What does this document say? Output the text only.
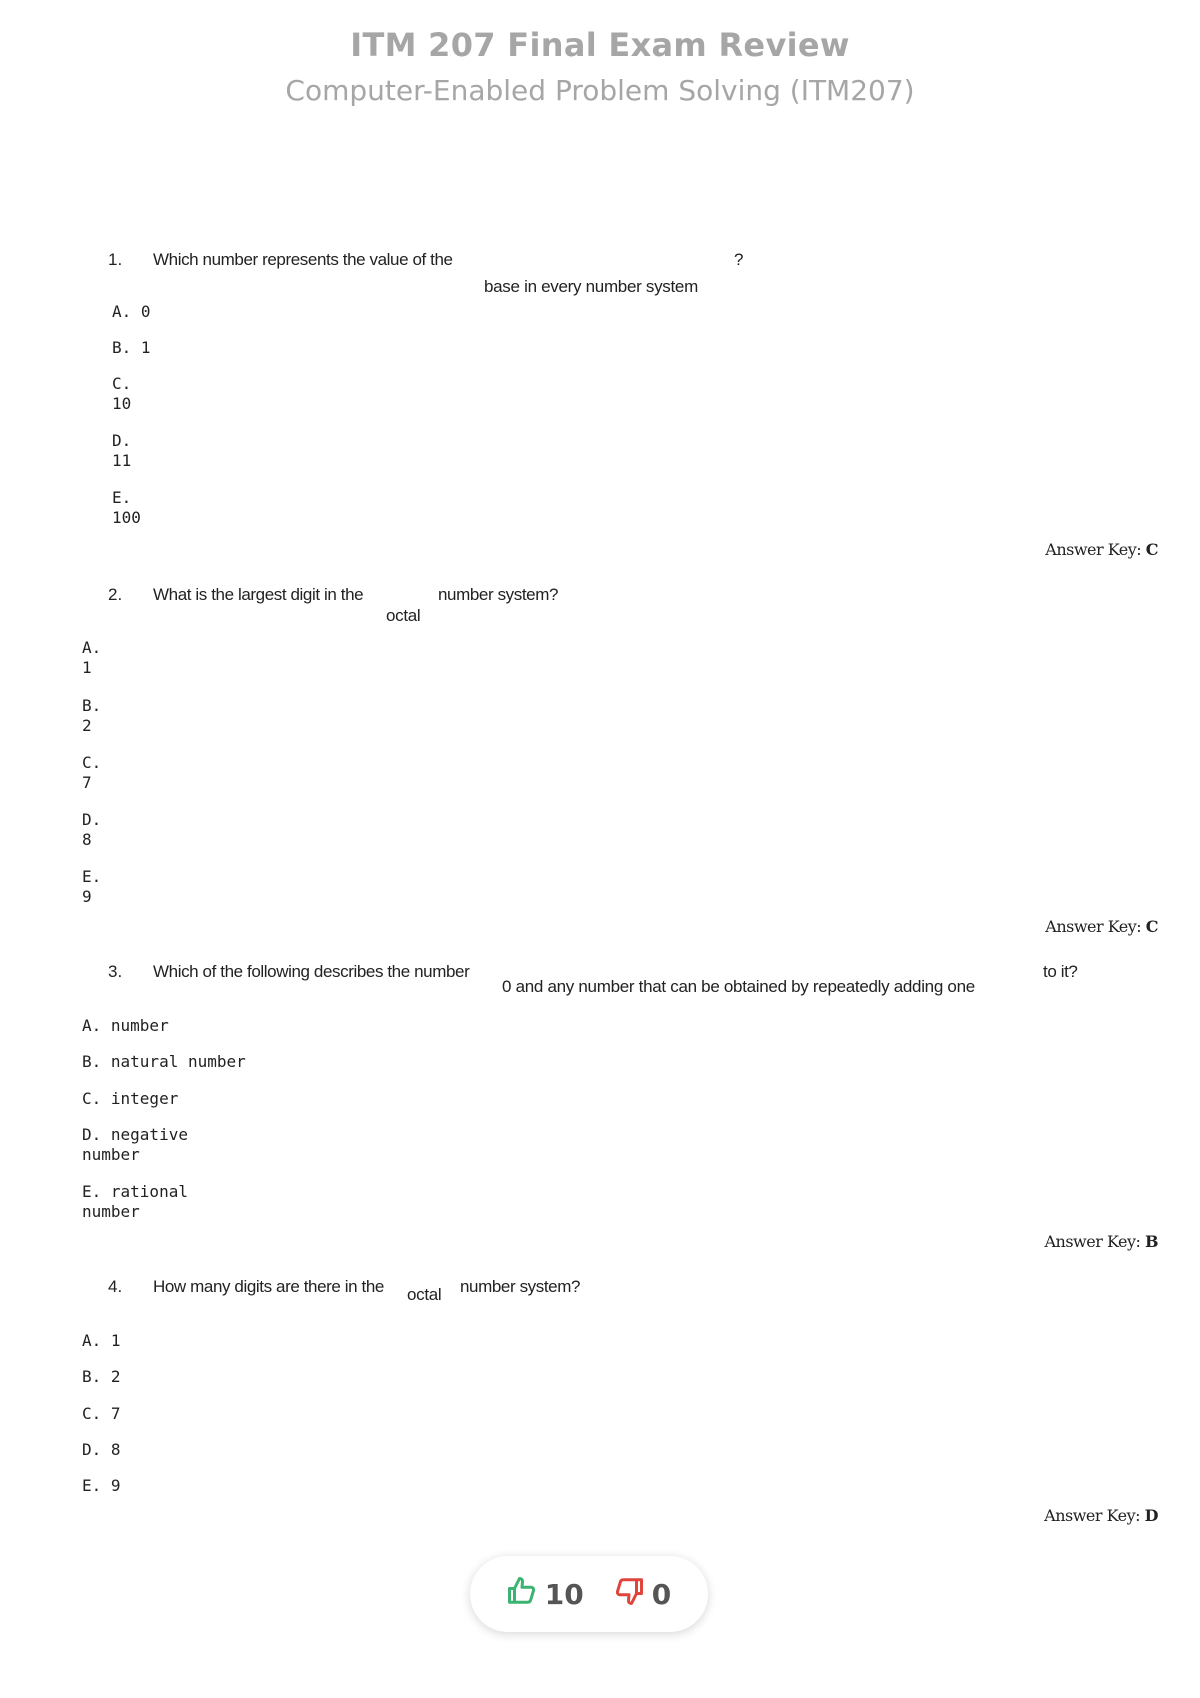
ITM 207 Final Exam Review
Computer-Enabled Problem Solving (ITM207)
1. Which number represents the value of the
base in every number system
?
A. 0
B. 1
C.
10
D.
11
E.
100
Answer Key: C
2. What is the largest digit in the
octal
number system?
A.
1
B.
2
C.
7
D.
8
E.
9
Answer Key: C
3. Which of the following describes the number
0 and any number that can be obtained by repeatedly adding one
to it?
A. number
B. natural number
C. integer
D. negative
number
E. rational
number
Answer Key: B
4. How many digits are there in the octal number system?
A. 1
B. 2
C. 7
D. 8
E. 9
Answer Key: D
10 0
